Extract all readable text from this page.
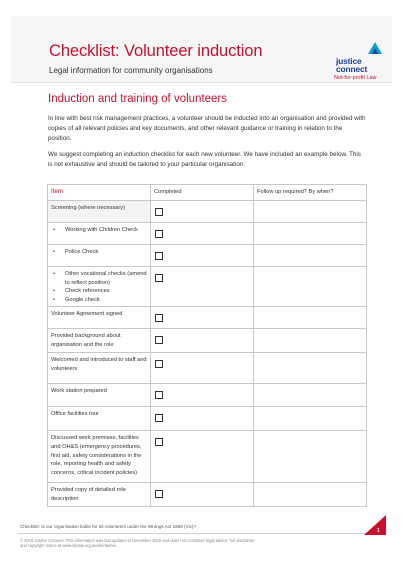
Checklist: Volunteer induction
Legal information for community organisations
justice
connect
Not-for-profit Law
Induction and training of volunteers

In line with best risk management practices, a volunteer should be inducted into an organisation and provided with copies of all relevant policies and key documents, and other relevant guidance or training in relation to the position.

We suggest completing an induction checklist for each new volunteer. We have included an example below. This is not exhaustive and should be tailored to your particular organisation.

Item	Completed	Follow up required? By when?
Screening (where necessary)	

• Working with Children Check

• Police Check

• Other vocational checks (amend to reflect position)
• Check references
• Google check

Volunteer Agreement signed	

Provided background about organisation and the role	

Welcomed and introduced to staff and volunteers	

Work station prepared	

Office facilities tour	

Discussed work premises, facilities and OH&S (emergency procedures, first aid, safety considerations in the role, reporting health and safety concerns, critical incident policies)	

Provided copy of detailed role description	

Checklist: Is our organisation liable for its volunteers under the Wrongs Act 1958 (Vic)?
© 2015 Justice Connect. This information was last updated in December 2015 and does not constitute legal advice, full disclaimer and copyright notice at www.nfplaw.org.au/disclaimer.
1
